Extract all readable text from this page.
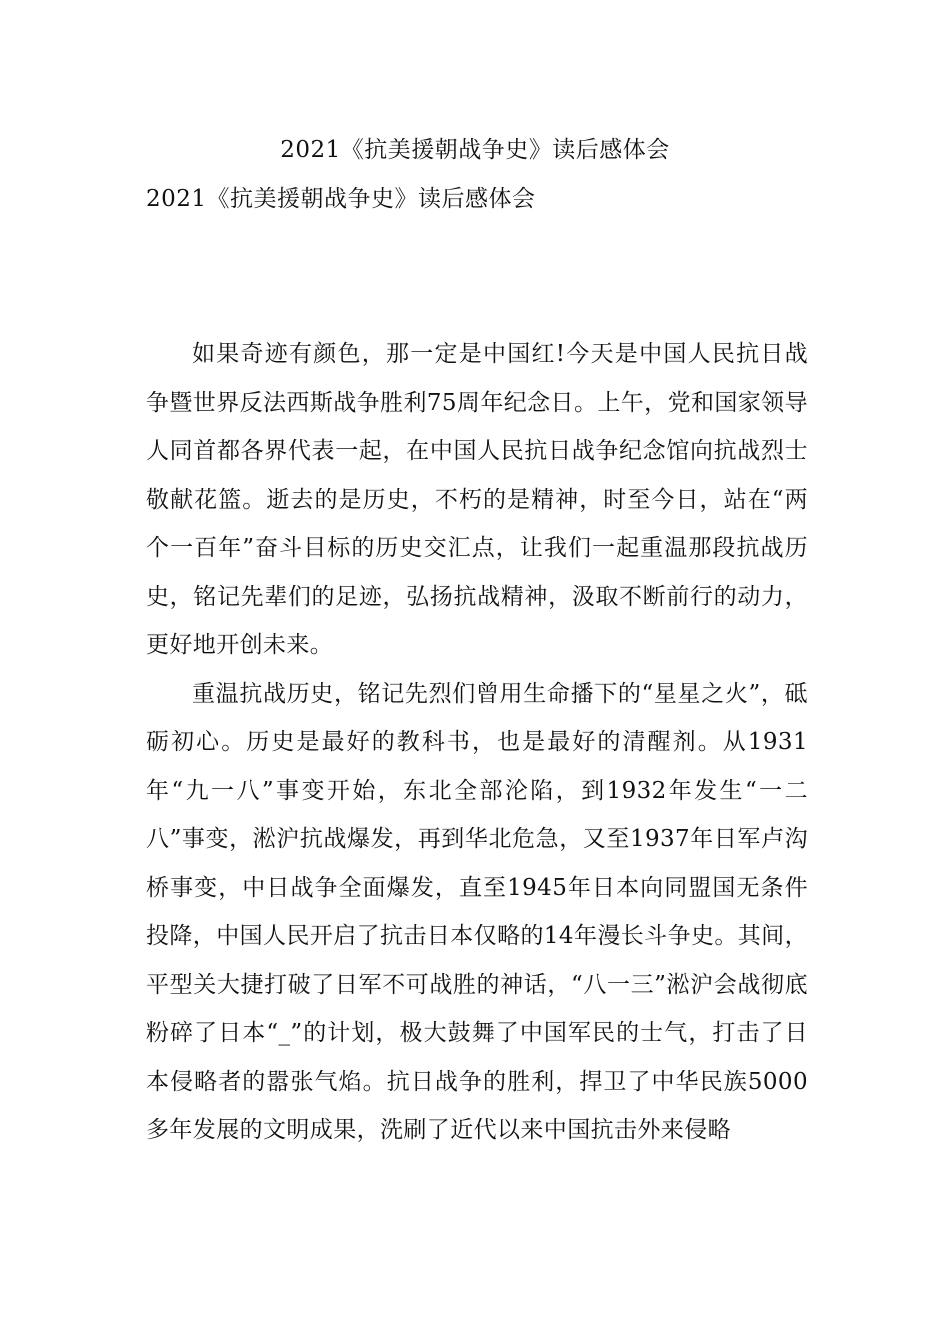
2021《抗美援朝战争史》读后感体会
2021《抗美援朝战争史》读后感体会

如果奇迹有颜色，那一定是中国红!今天是中国人民抗日战争暨世界反法西斯战争胜利75周年纪念日。上午，党和国家领导人同首都各界代表一起，在中国人民抗日战争纪念馆向抗战烈士敬献花篮。逝去的是历史，不朽的是精神，时至今日，站在“两个一百年”奋斗目标的历史交汇点，让我们一起重温那段抗战历史，铭记先辈们的足迹，弘扬抗战精神，汲取不断前行的动力，更好地开创未来。

重温抗战历史，铭记先烈们曾用生命播下的“星星之火”，砥砺初心。历史是最好的教科书，也是最好的清醒剂。从1931年“九一八”事变开始，东北全部沦陷，到1932年发生“一二八”事变，淞沪抗战爆发，再到华北危急，又至1937年日军卢沟桥事变，中日战争全面爆发，直至1945年日本向同盟国无条件投降，中国人民开启了抗击日本仅略的14年漫长斗争史。其间，平型关大捷打破了日军不可战胜的神话，“八一三”淞沪会战彻底粉碎了日本“_”的计划，极大鼓舞了中国军民的士气，打击了日本侵略者的嚣张气焰。抗日战争的胜利，捍卫了中华民族5000多年发展的文明成果，洗刷了近代以来中国抗击外来侵略
